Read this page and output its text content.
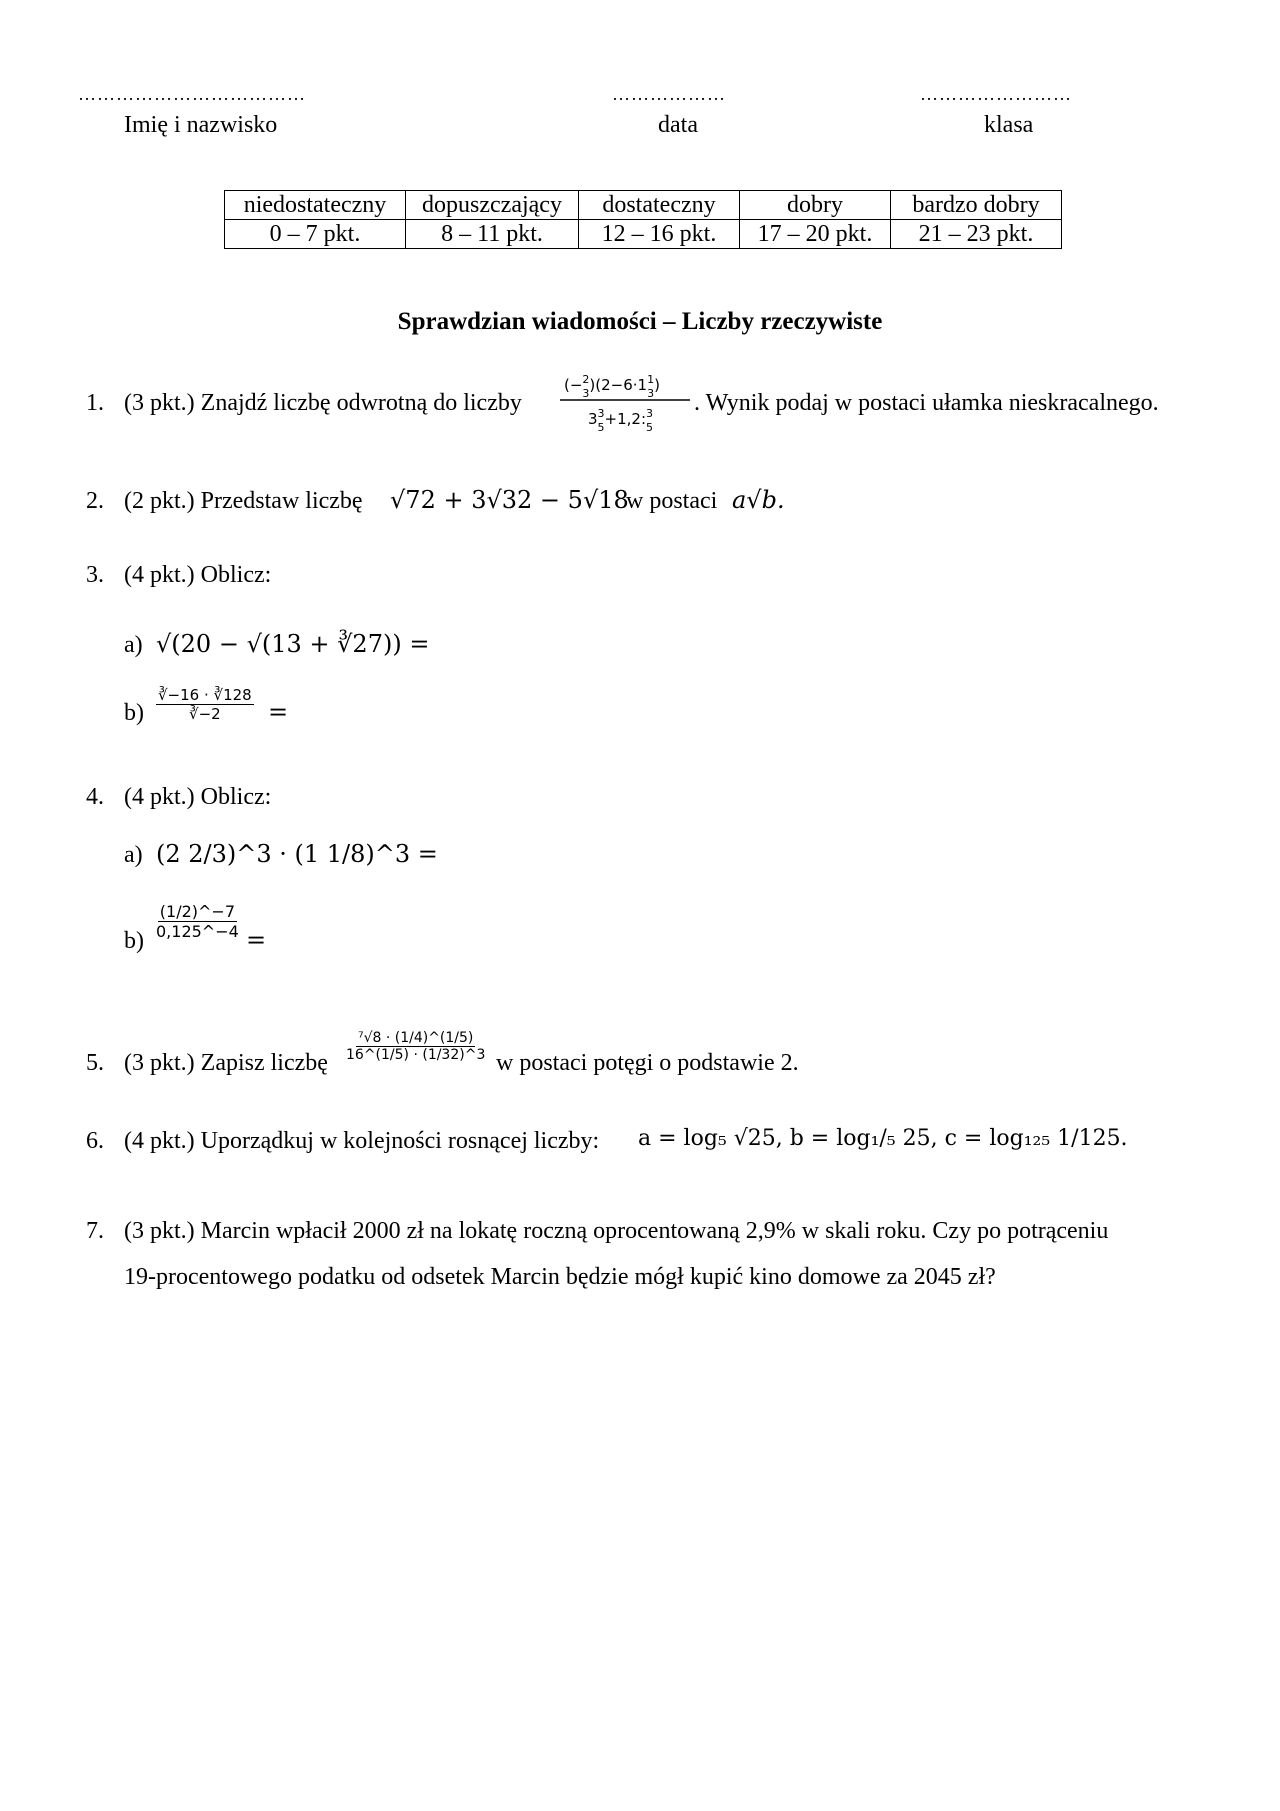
………………………………
Imię i nazwisko
………………
data
……………………
klasa
niedostateczny	dopuszczający	dostateczny	dobry	bardzo dobry
0 – 7 pkt.	8 – 11 pkt.	12 – 16 pkt.	17 – 20 pkt.	21 – 23 pkt.
Sprawdzian wiadomości – Liczby rzeczywiste
1. (3 pkt.) Znajdź liczbę odwrotną do liczby
(−$^2$ $3)(2-6\cdot 1^1$ 3)
$3^3$ 5+1,2:$^3$ 5
. Wynik podaj w postaci ułamka nieskracalnego.
2. (2 pkt.) Przedstaw liczbę √72 + 3√32 − 5√18
w postaci a√b.
3. (4 pkt.) Oblicz:
a) √(20 − √(13 + ∛27)) =
$b) \frac{∛-16 \cdot ∛128}{∛-2}$ =
4. (4 pkt.) Oblicz:
a) (2 2/3)^3 · (1 1/8)^3 =
$b) \frac{(1/2)\^{}-7}{0,125\^{}-4}$ =
5. (3 pkt.) Zapisz liczbę $\frac{\text{⁷√8 · (1/4)\textasciicircum{}(1/5)}}{16\^{}(1/5) \cdot (1/32)\^{}3}$ w postaci potęgi o podstawie 2.
6. (4 pkt.) Uporządkuj w kolejności rosnącej liczby: a = log₅ √25, b = log₁/₅ 25, c = log₁₂₅ 1/125.
7. (3 pkt.) Marcin wpłacił 2000 zł na lokatę roczną oprocentowaną 2,9% w skali roku. Czy po potrąceniu
19-procentowego podatku od odsetek Marcin będzie mógł kupić kino domowe za 2045 zł?
